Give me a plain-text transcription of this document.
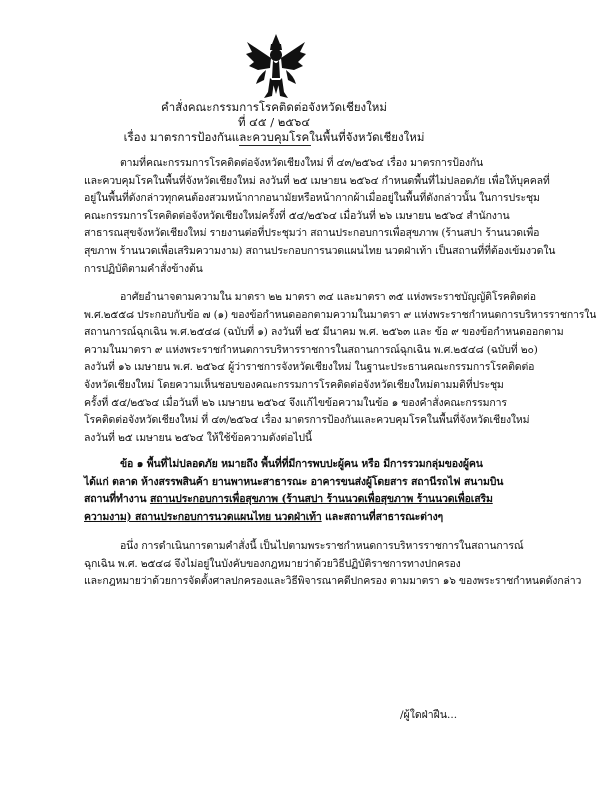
คำสั่งคณะกรรมการโรคติดต่อจังหวัดเชียงใหม่
ที่ ๔๕ / ๒๕๖๔
เรื่อง มาตรการป้องกันและควบคุมโรคในพื้นที่จังหวัดเชียงใหม่
ตามที่คณะกรรมการโรคติดต่อจังหวัดเชียงใหม่ ที่ ๔๓/๒๕๖๔ เรื่อง มาตรการป้องกัน
และควบคุมโรคในพื้นที่จังหวัดเชียงใหม่ ลงวันที่ ๒๕ เมษายน ๒๕๖๔ กำหนดพื้นที่ไม่ปลอดภัย เพื่อให้บุคคลที่
อยู่ในพื้นที่ดังกล่าวทุกคนต้องสวมหน้ากากอนามัยหรือหน้ากากผ้าเมื่ออยู่ในพื้นที่ดังกล่าวนั้น ในการประชุม
คณะกรรมการโรคติดต่อจังหวัดเชียงใหม่ครั้งที่ ๕๔/๒๕๖๔ เมื่อวันที่ ๒๖ เมษายน ๒๕๖๔ สำนักงาน
สาธารณสุขจังหวัดเชียงใหม่ รายงานต่อที่ประชุมว่า สถานประกอบการเพื่อสุขภาพ (ร้านสปา ร้านนวดเพื่อ
สุขภาพ ร้านนวดเพื่อเสริมความงาม) สถานประกอบการนวดแผนไทย นวดฝ่าเท้า เป็นสถานที่ที่ต้องเข้มงวดใน
การปฏิบัติตามคำสั่งข้างต้น
อาศัยอำนาจตามความใน มาตรา ๒๒ มาตรา ๓๔ และมาตรา ๓๕ แห่งพระราชบัญญัติโรคติดต่อ
พ.ศ.๒๕๕๘ ประกอบกับข้อ ๗ (๑) ของข้อกำหนดออกตามความในมาตรา ๙ แห่งพระราชกำหนดการบริหารราชการใน
สถานการณ์ฉุกเฉิน พ.ศ.๒๕๔๘ (ฉบับที่ ๑) ลงวันที่ ๒๕ มีนาคม พ.ศ. ๒๕๖๓ และ ข้อ ๙ ของข้อกำหนดออกตาม
ความในมาตรา ๙ แห่งพระราชกำหนดการบริหารราชการในสถานการณ์ฉุกเฉิน พ.ศ.๒๕๔๘ (ฉบับที่ ๒๐)
ลงวันที่ ๑๖ เมษายน พ.ศ. ๒๕๖๔ ผู้ว่าราชการจังหวัดเชียงใหม่ ในฐานะประธานคณะกรรมการโรคติดต่อ
จังหวัดเชียงใหม่ โดยความเห็นชอบของคณะกรรมการโรคติดต่อจังหวัดเชียงใหม่ตามมติที่ประชุม
ครั้งที่ ๕๔/๒๕๖๔ เมื่อวันที่ ๒๖ เมษายน ๒๕๖๔ จึงแก้ไขข้อความในข้อ ๑ ของคำสั่งคณะกรรมการ
โรคติดต่อจังหวัดเชียงใหม่ ที่ ๔๓/๒๕๖๔ เรื่อง มาตรการป้องกันและควบคุมโรคในพื้นที่จังหวัดเชียงใหม่
ลงวันที่ ๒๕ เมษายน ๒๕๖๔ ให้ใช้ข้อความดังต่อไปนี้
ข้อ ๑ พื้นที่ไม่ปลอดภัย หมายถึง พื้นที่ที่มีการพบปะผู้คน หรือ มีการรวมกลุ่มของผู้คน
ได้แก่ ตลาด ห้างสรรพสินค้า ยานพาหนะสาธารณะ อาคารขนส่งผู้โดยสาร สถานีรถไฟ สนามบิน
สถานที่ทำงาน สถานประกอบการเพื่อสุขภาพ (ร้านสปา ร้านนวดเพื่อสุขภาพ ร้านนวดเพื่อเสริม
ความงาม) สถานประกอบการนวดแผนไทย นวดฝ่าเท้า และสถานที่สาธารณะต่างๆ
อนึ่ง การดำเนินการตามคำสั่งนี้ เป็นไปตามพระราชกำหนดการบริหารราชการในสถานการณ์
ฉุกเฉิน พ.ศ. ๒๕๔๘ จึงไม่อยู่ในบังคับของกฎหมายว่าด้วยวิธีปฏิบัติราชการทางปกครอง
และกฎหมายว่าด้วยการจัดตั้งศาลปกครองและวิธีพิจารณาคดีปกครอง ตามมาตรา ๑๖ ของพระราชกำหนดดังกล่าว
/ผู้ใดฝ่าฝืน...
